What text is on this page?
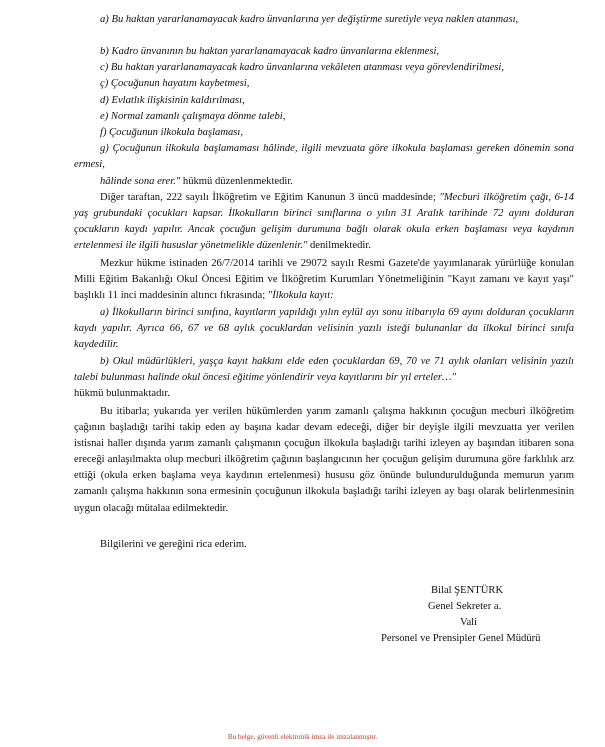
a) Bu haktan yararlanamayacak kadro ünvanlarına yer değiştirme suretiyle veya naklen atanması,

b) Kadro ünvanının bu haktan yararlanamayacak kadro ünvanlarına eklenmesi,

c) Bu haktan yararlanamayacak kadro ünvanlarına vekâleten atanması veya görevlendirilmesi,

ç) Çocuğunun hayatını kaybetmesi,

d) Evlatlık ilişkisinin kaldırılması,

e) Normal zamanlı çalışmaya dönme talebi,

f) Çocuğunun ilkokula başlaması,

g) Çocuğunun ilkokula başlamaması hâlinde, ilgili mevzuata göre ilkokula başlaması gereken dönemin sona ermesi,

hâlinde sona erer." hükmü düzenlenmektedir.

Diğer taraftan, 222 sayılı İlköğretim ve Eğitim Kanunun 3 üncü maddesinde; "Mecburi ilköğretim çağı, 6-14 yaş grubundaki çocukları kapsar. İlkokulların birinci sınıflarına o yılın 31 Aralık tarihinde 72 ayını dolduran çocukların kaydı yapılır. Ancak çocuğun gelişim durumuna bağlı olarak okula erken başlaması veya kaydının ertelenmesi ile ilgili hususlar yönetmelikle düzenlenir." denilmektedir.

Mezkur hükme istinaden 26/7/2014 tarihli ve 29072 sayılı Resmi Gazete'de yayımlanarak yürürlüğe konulan Milli Eğitim Bakanlığı Okul Öncesi Eğitim ve İlköğretim Kurumları Yönetmeliğinin "Kayıt zamanı ve kayıt yaşı" başlıklı 11 inci maddesinin altıncı fıkrasında; "İlkokula kayıt:

a) İlkokulların birinci sınıfına, kayıtların yapıldığı yılın eylül ayı sonu itibarıyla 69 ayını dolduran çocukların kaydı yapılır. Ayrıca 66, 67 ve 68 aylık çocuklardan velisinin yazılı isteği bulunanlar da ilkokul birinci sınıfa kaydedilir.

b) Okul müdürlükleri, yaşça kayıt hakkını elde eden çocuklardan 69, 70 ve 71 aylık olanları velisinin yazılı talebi bulunması halinde okul öncesi eğitime yönlendirir veya kayıtlarını bir yıl erteler…"

hükmü bulunmaktadır.

Bu itibarla; yukarıda yer verilen hükümlerden yarım zamanlı çalışma hakkının çocuğun mecburi ilköğretim çağının başladığı tarihi takip eden ay başına kadar devam edeceği, diğer bir deyişle ilgili mevzuatta yer verilen istisnai haller dışında yarım zamanlı çalışmanın çocuğun ilkokula başladığı tarihi izleyen ay başından itibaren sona ereceği anlaşılmakta olup mecburi ilköğretim çağının başlangıcının her çocuğun gelişim durumuna göre farklılık arz ettiği (okula erken başlama veya kaydının ertelenmesi) hususu göz önünde bulundurulduğunda memurun yarım zamanlı çalışma hakkının sona ermesinin çocuğunun ilkokula başladığı tarihi izleyen ay başı olarak belirlenmesinin uygun olacağı mütalaa edilmektedir.

Bilgilerini ve gereğini rica ederim.

Bilal ŞENTÜRK
Genel Sekreter a.
Vali
Personel ve Prensipler Genel Müdürü
Bu belge, güvenli elektronik imza ile imzalanmıştır.
